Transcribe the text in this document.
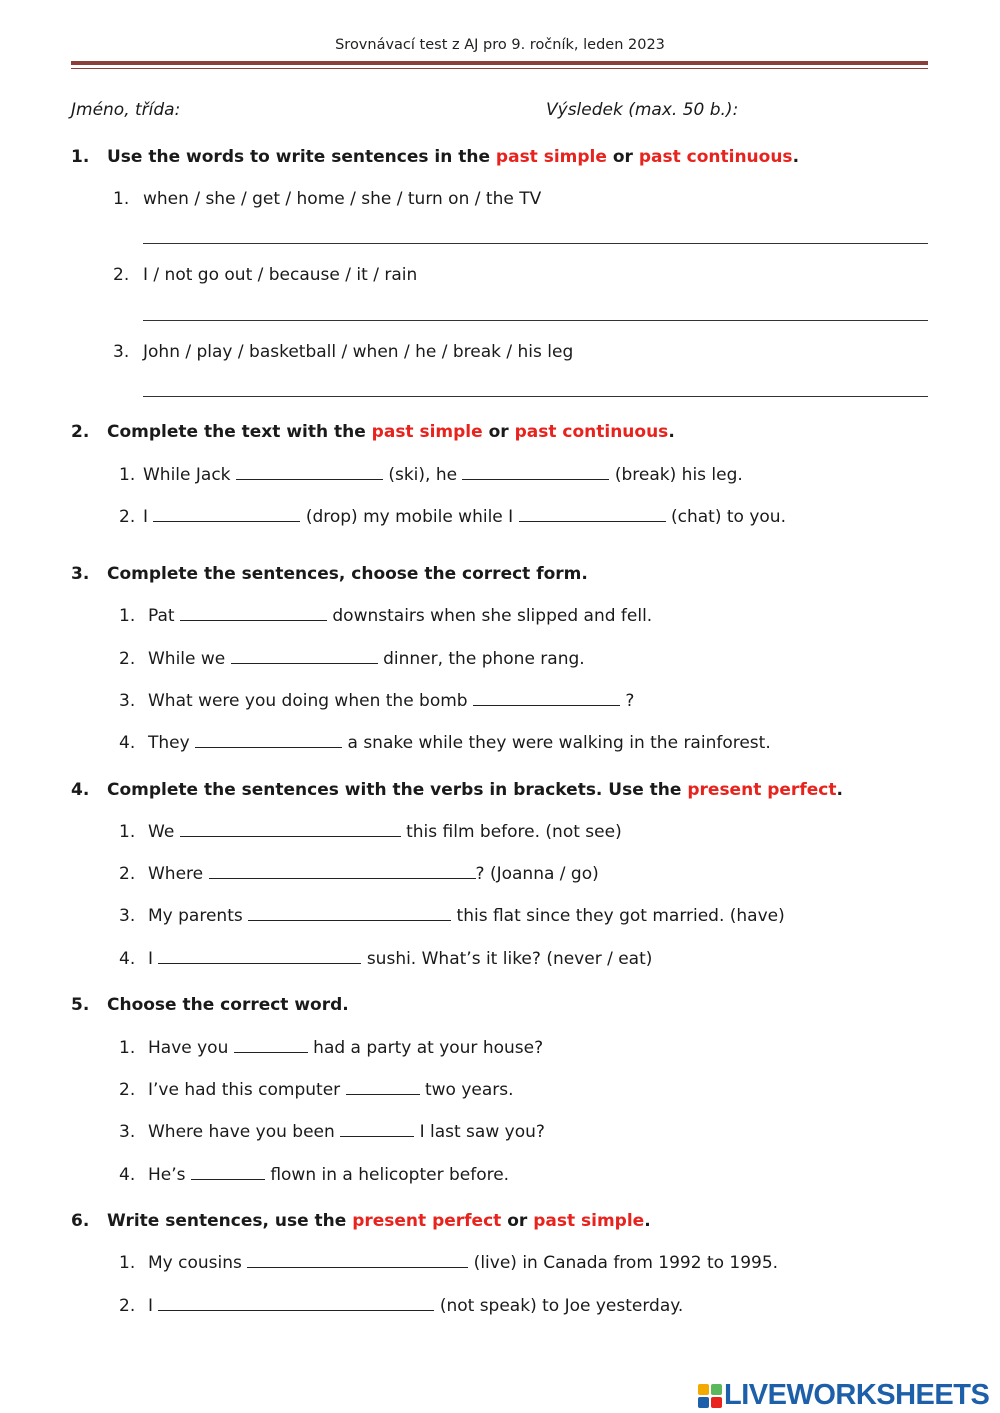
Srovnávací test z AJ pro 9. ročník, leden 2023
Jméno, třída:	Výsledek (max. 50 b.):
1. Use the words to write sentences in the past simple or past continuous.
1. when / she / get / home / she / turn on / the TV
2. I / not go out / because / it / rain
3. John / play / basketball / when / he / break / his leg
2. Complete the text with the past simple or past continuous.
1. While Jack	(ski), he	(break) his leg.
2. I	(drop) my mobile while I	(chat) to you.
3. Complete the sentences, choose the correct form.
1. Pat	downstairs when she slipped and fell.
2. While we	dinner, the phone rang.
3. What were you doing when the bomb	?
4. They	a snake while they were walking in the rainforest.
4. Complete the sentences with the verbs in brackets. Use the present perfect.
1. We	this film before. (not see)
2. Where	? (Joanna / go)
3. My parents	this flat since they got married. (have)
4. I	sushi. What’s it like? (never / eat)
5. Choose the correct word.
1. Have you	had a party at your house?
2. I’ve had this computer	two years.
3. Where have you been	I last saw you?
4. He’s	flown in a helicopter before.
6. Write sentences, use the present perfect or past simple.
1. My cousins	(live) in Canada from 1992 to 1995.
2. I	(not speak) to Joe yesterday.
LIVEWORKSHEETS
